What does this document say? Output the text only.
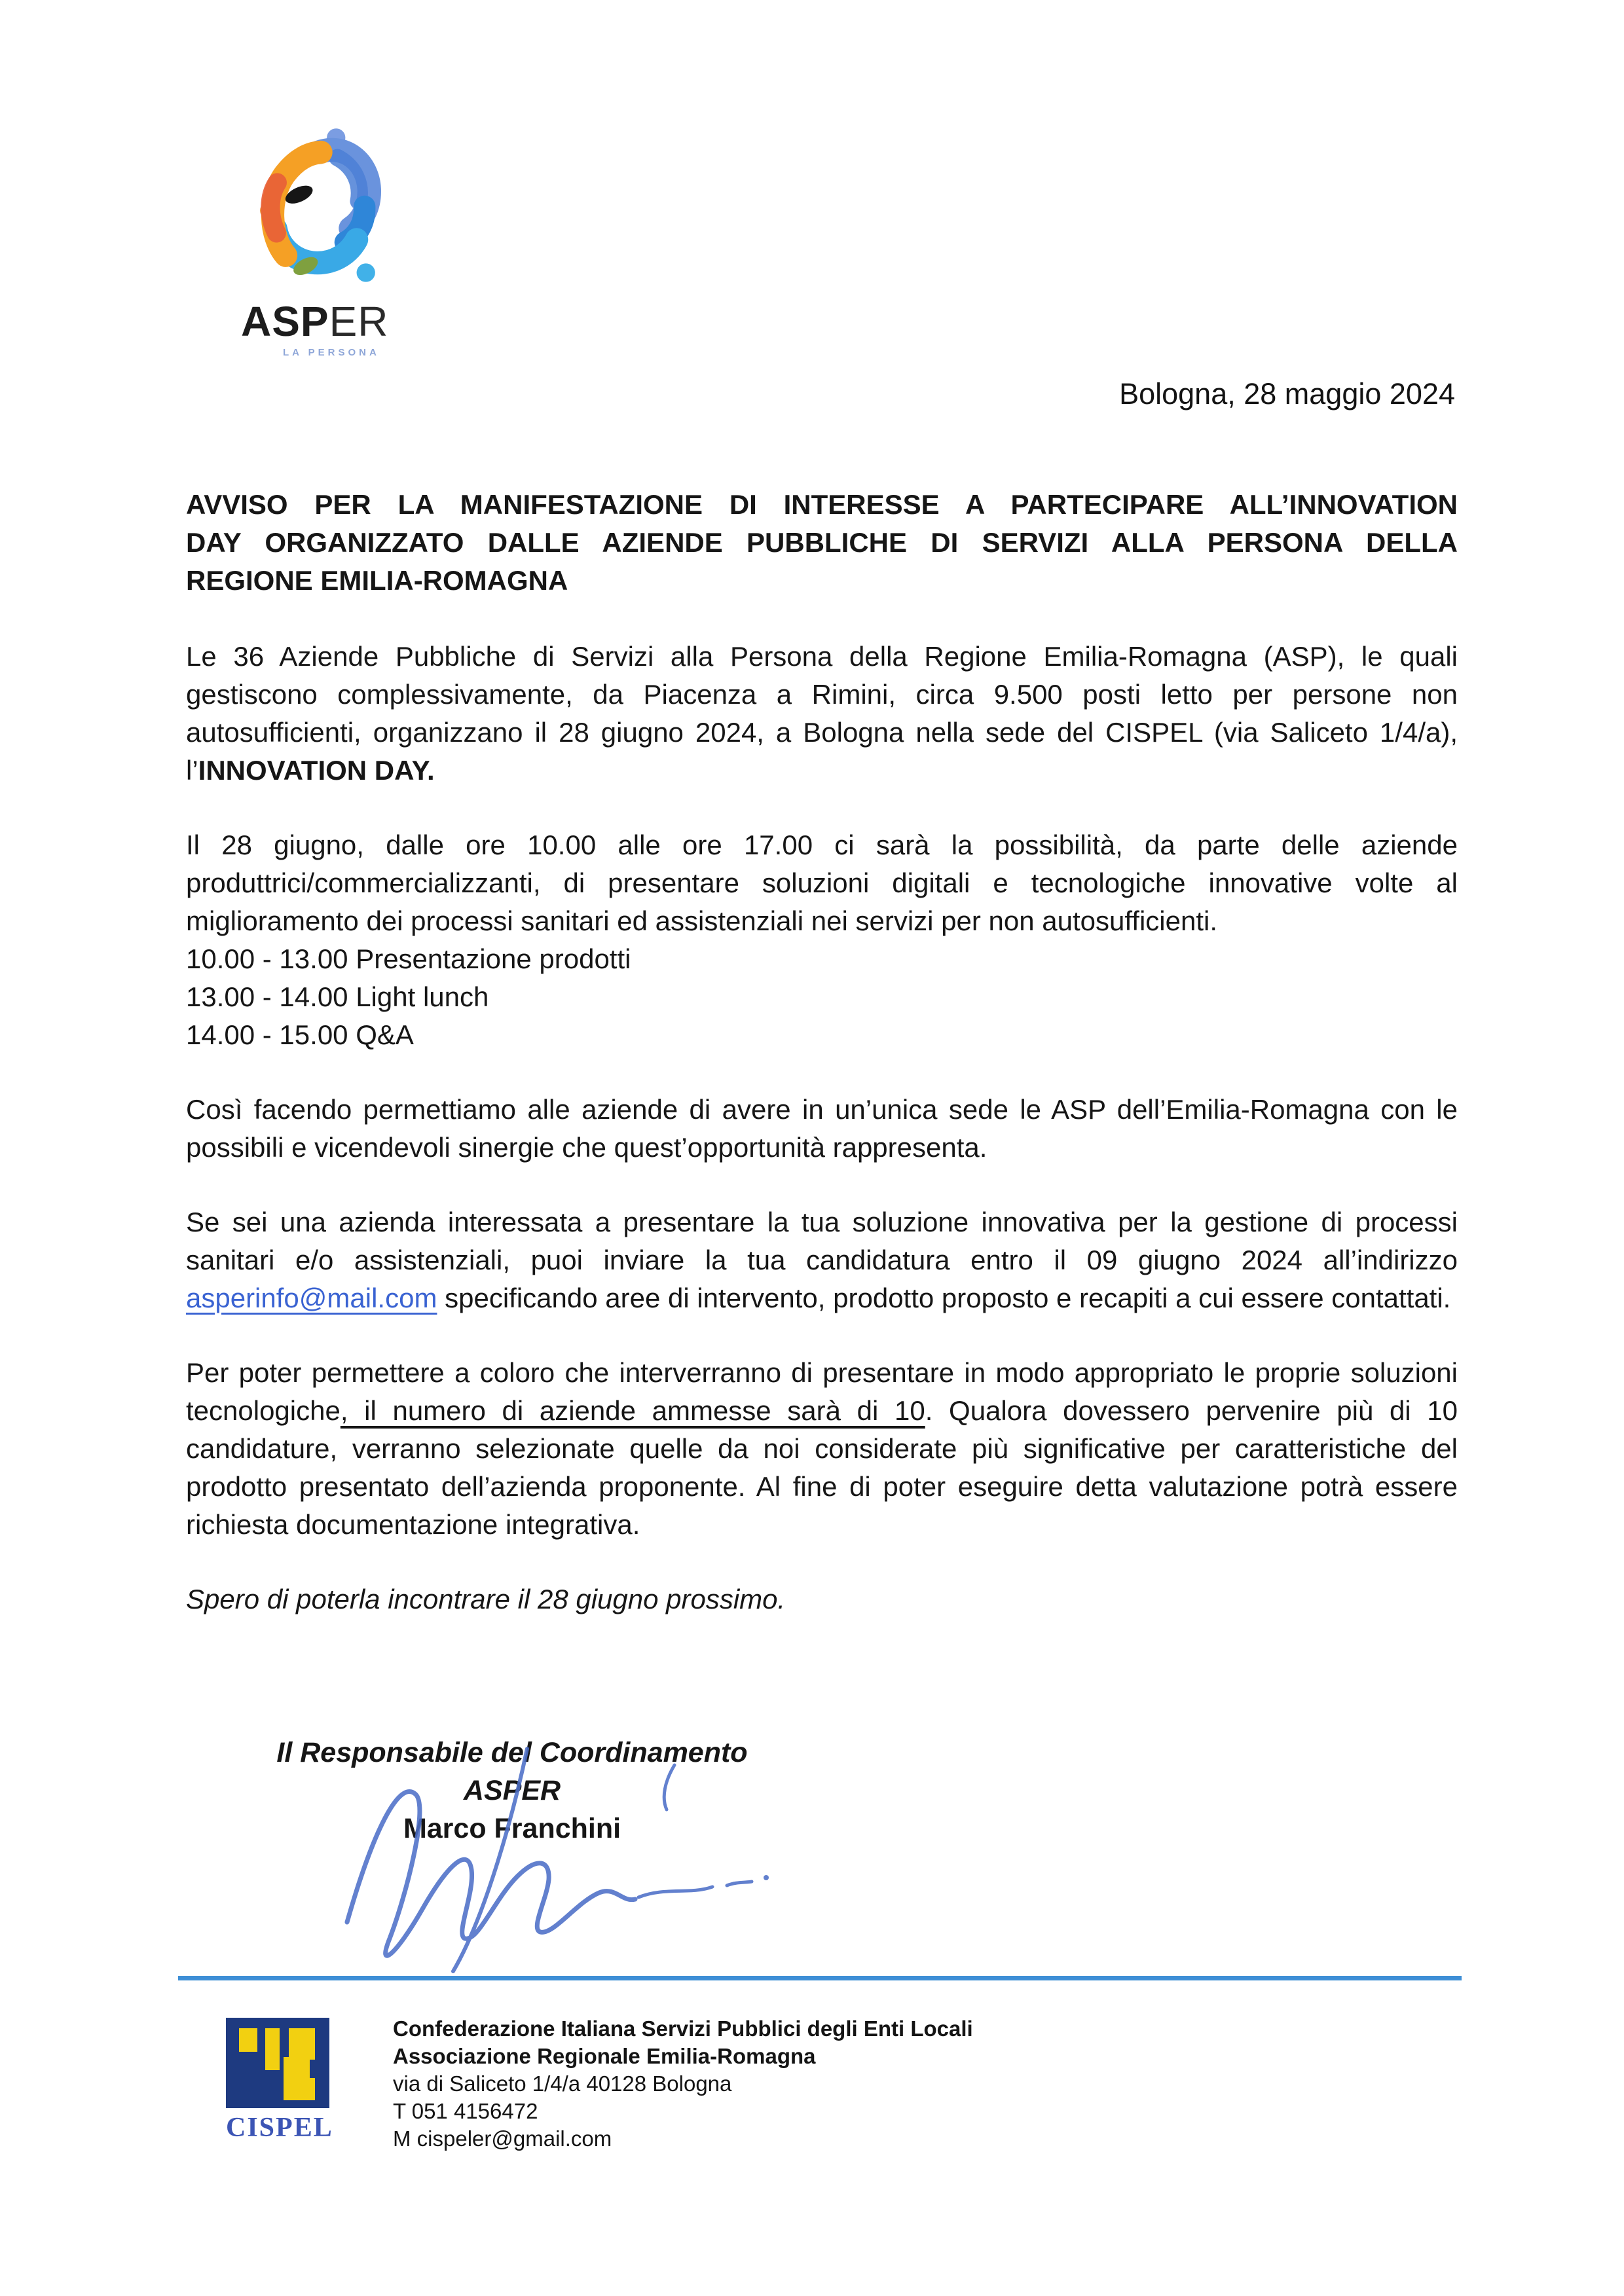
ASPER
LA PERSONA
Bologna, 28 maggio 2024
AVVISO PER LA MANIFESTAZIONE DI INTERESSE A PARTECIPARE ALL’INNOVATION
DAY ORGANIZZATO DALLE AZIENDE PUBBLICHE DI SERVIZI ALLA PERSONA DELLA
REGIONE EMILIA-ROMAGNA

Le 36 Aziende Pubbliche di Servizi alla Persona della Regione Emilia-Romagna (ASP), le quali gestiscono complessivamente, da Piacenza a Rimini, circa 9.500 posti letto per persone non autosufficienti, organizzano il 28 giugno 2024, a Bologna nella sede del CISPEL (via Saliceto 1/4/a), l’INNOVATION DAY.

Il 28 giugno, dalle ore 10.00 alle ore 17.00 ci sarà la possibilità, da parte delle aziende produttrici/commercializzanti, di presentare soluzioni digitali e tecnologiche innovative volte al miglioramento dei processi sanitari ed assistenziali nei servizi per non autosufficienti.

10.00 - 13.00 Presentazione prodotti
13.00 - 14.00 Light lunch
14.00 - 15.00 Q&A

Così facendo permettiamo alle aziende di avere in un’unica sede le ASP dell’Emilia-Romagna con le possibili e vicendevoli sinergie che quest’opportunità rappresenta.

Se sei una azienda interessata a presentare la tua soluzione innovativa per la gestione di processi sanitari e/o assistenziali, puoi inviare la tua candidatura entro il 09 giugno 2024 all’indirizzo asperinfo@mail.com specificando aree di intervento, prodotto proposto e recapiti a cui essere contattati.

Per poter permettere a coloro che interverranno di presentare in modo appropriato le proprie soluzioni tecnologiche, il numero di aziende ammesse sarà di 10. Qualora dovessero pervenire più di 10 candidature, verranno selezionate quelle da noi considerate più significative per caratteristiche del prodotto presentato dell’azienda proponente. Al fine di poter eseguire detta valutazione potrà essere richiesta documentazione integrativa.

Spero di poterla incontrare il 28 giugno prossimo.

Il Responsabile del Coordinamento ASPER
Marco Franchini
CISPEL
Confederazione Italiana Servizi Pubblici degli Enti Locali
Associazione Regionale Emilia-Romagna
via di Saliceto 1/4/a 40128 Bologna
T 051 4156472
M cispeler@gmail.com
